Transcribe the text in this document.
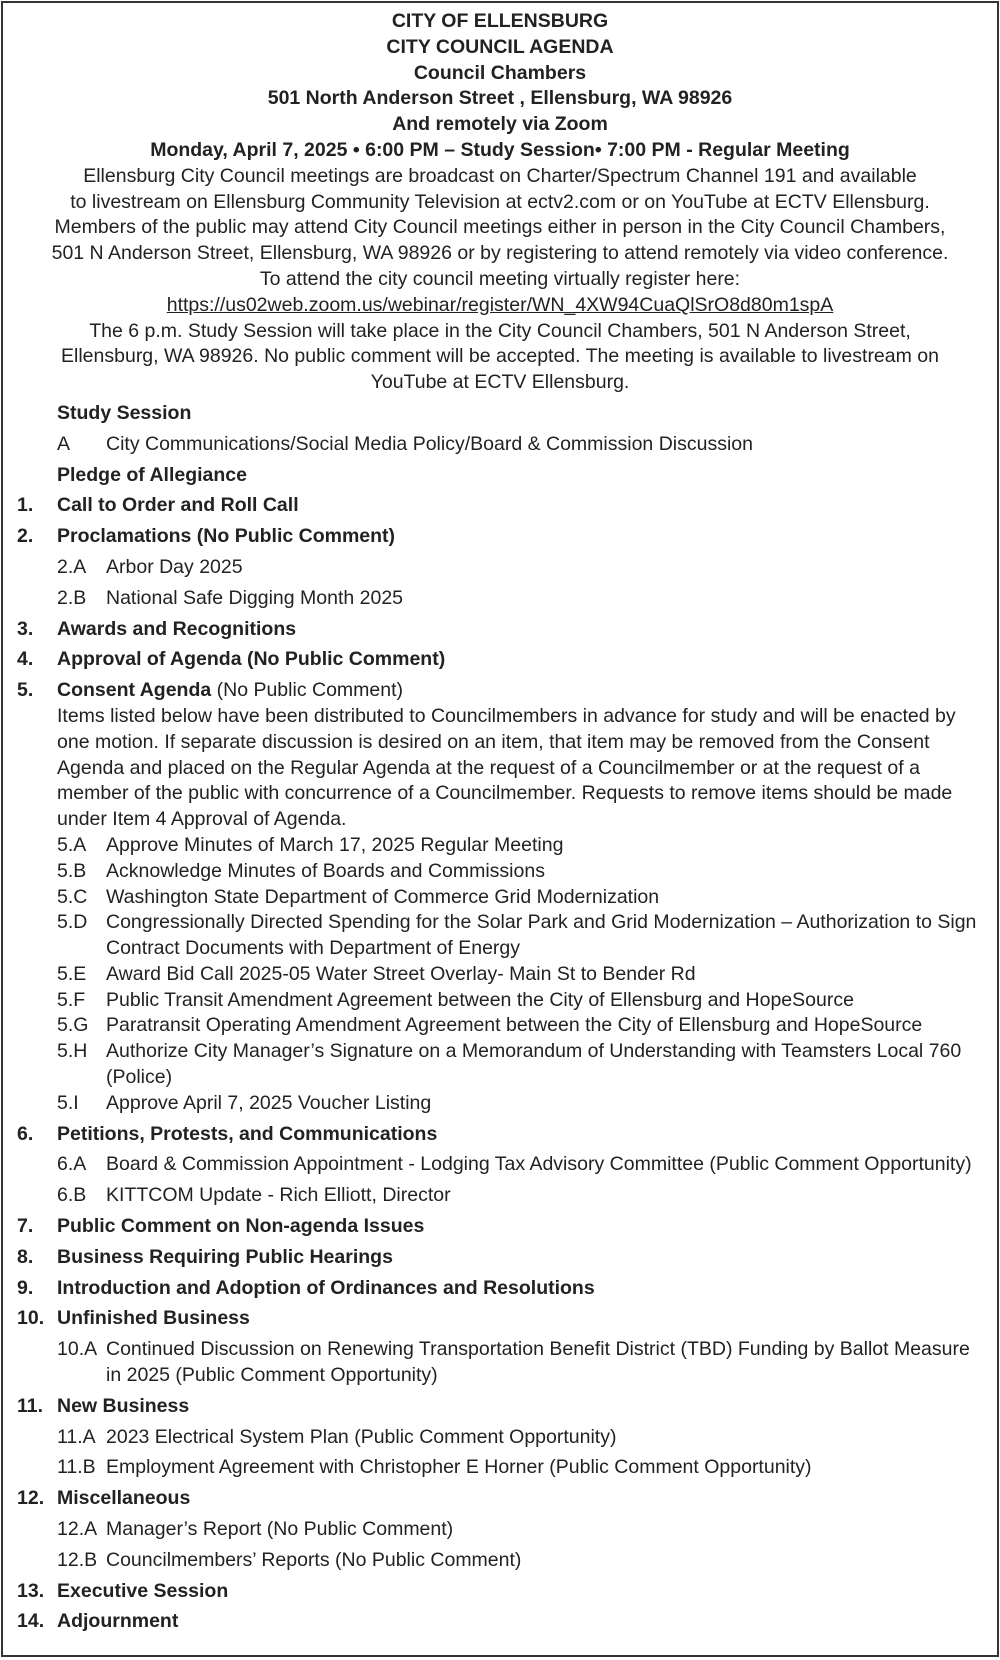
CITY OF ELLENSBURG
CITY COUNCIL AGENDA
Council Chambers
501 North Anderson Street , Ellensburg, WA 98926
And remotely via Zoom
Monday, April 7, 2025 • 6:00 PM – Study Session• 7:00 PM - Regular Meeting
Ellensburg City Council meetings are broadcast on Charter/Spectrum Channel 191 and available
to livestream on Ellensburg Community Television at ectv2.com or on YouTube at ECTV Ellensburg.
Members of the public may attend City Council meetings either in person in the City Council Chambers,
501 N Anderson Street, Ellensburg, WA 98926 or by registering to attend remotely via video conference.
To attend the city council meeting virtually register here:
https://us02web.zoom.us/webinar/register/WN_4XW94CuaQlSrO8d80m1spA
The 6 p.m. Study Session will take place in the City Council Chambers, 501 N Anderson Street,
Ellensburg, WA 98926. No public comment will be accepted. The meeting is available to livestream on
YouTube at ECTV Ellensburg.
Study Session
A	City Communications/Social Media Policy/Board & Commission Discussion
Pledge of Allegiance
1.	Call to Order and Roll Call
2.	Proclamations (No Public Comment)
2.A	Arbor Day 2025
2.B	National Safe Digging Month 2025
3.	Awards and Recognitions
4.	Approval of Agenda (No Public Comment)
5.	Consent Agenda (No Public Comment)
Items listed below have been distributed to Councilmembers in advance for study and will be enacted by one motion. If separate discussion is desired on an item, that item may be removed from the Consent Agenda and placed on the Regular Agenda at the request of a Councilmember or at the request of a member of the public with concurrence of a Councilmember. Requests to remove items should be made under Item 4 Approval of Agenda.
5.A	Approve Minutes of March 17, 2025 Regular Meeting
5.B	Acknowledge Minutes of Boards and Commissions
5.C Washington State Department of Commerce Grid Modernization
5.D Congressionally Directed Spending for the Solar Park and Grid Modernization – Authorization to Sign Contract Documents with Department of Energy
5.E	Award Bid Call 2025-05 Water Street Overlay- Main St to Bender Rd
5.F	Public Transit Amendment Agreement between the City of Ellensburg and HopeSource
5.G Paratransit Operating Amendment Agreement between the City of Ellensburg and HopeSource
5.H Authorize City Manager’s Signature on a Memorandum of Understanding with Teamsters Local 760 (Police)
5.I	Approve April 7, 2025 Voucher Listing
6.	Petitions, Protests, and Communications
6.A	Board & Commission Appointment - Lodging Tax Advisory Committee (Public Comment Opportunity)
6.B	KITTCOM Update - Rich Elliott, Director
7.	Public Comment on Non-agenda Issues
8.	Business Requiring Public Hearings
9.	Introduction and Adoption of Ordinances and Resolutions
10. Unfinished Business
10.A Continued Discussion on Renewing Transportation Benefit District (TBD) Funding by Ballot Measure in 2025 (Public Comment Opportunity)
11. New Business
11.A 2023 Electrical System Plan (Public Comment Opportunity)
11.B Employment Agreement with Christopher E Horner (Public Comment Opportunity)
12. Miscellaneous
12.A Manager’s Report (No Public Comment)
12.B Councilmembers’ Reports (No Public Comment)
13. Executive Session
14. Adjournment
